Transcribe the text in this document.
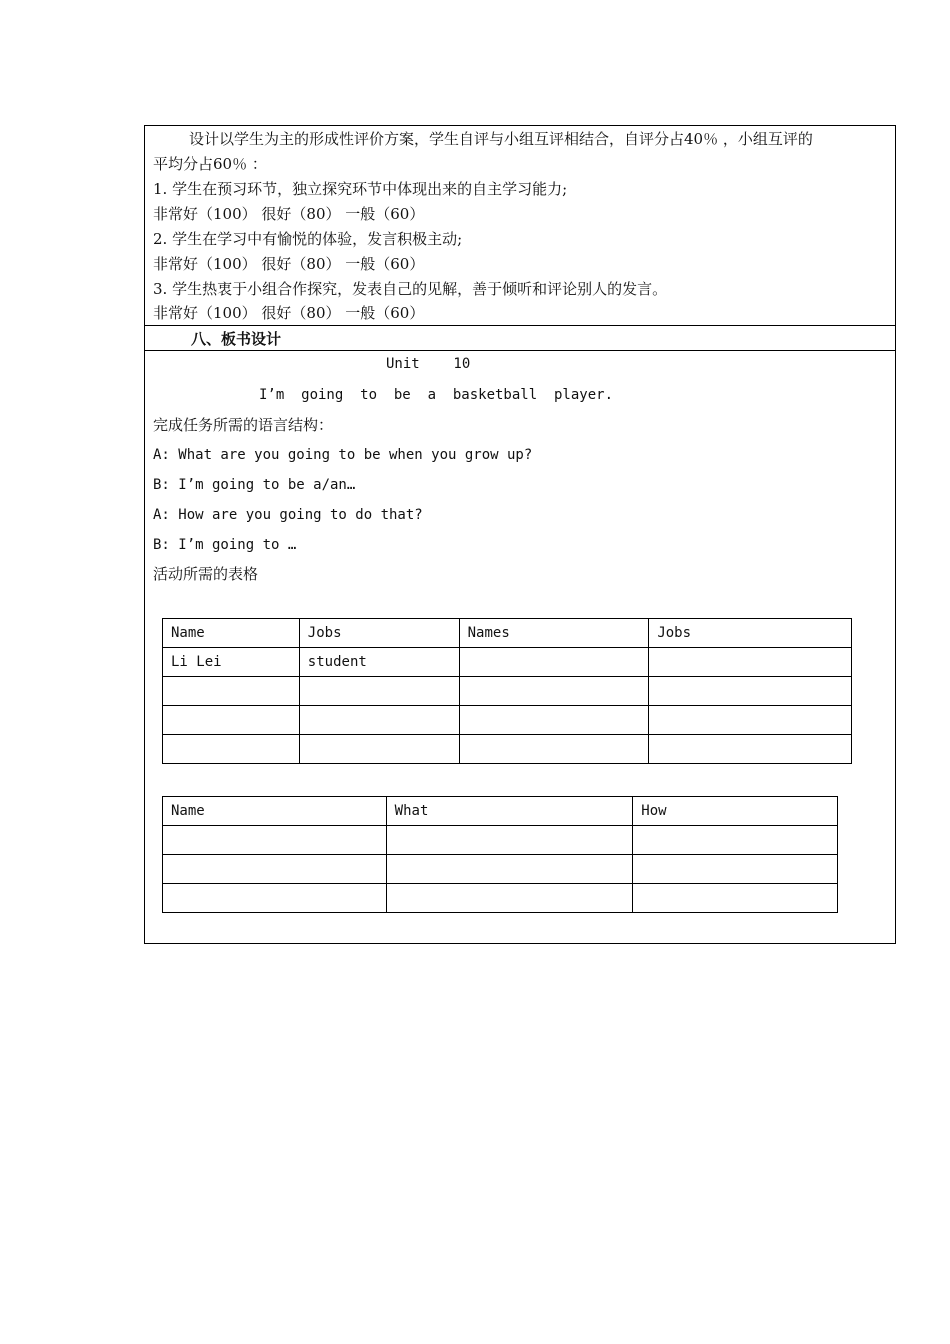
设计以学生为主的形成性评价方案，学生自评与小组互评相结合，自评分占40％ ，小组互评的
平均分占60％ ：
1. 学生在预习环节，独立探究环节中体现出来的自主学习能力;
非常好（100） 很好（80） 一般（60）
2. 学生在学习中有愉悦的体验，发言积极主动;
非常好（100） 很好（80） 一般（60）
3. 学生热衷于小组合作探究，发表自己的见解，善于倾听和评论别人的发言。
非常好（100） 很好（80） 一般（60）
八、板书设计
Unit    10
I’m  going  to  be  a  basketball  player.
完成任务所需的语言结构：
A: What are you going to be when you grow up?
B: I’m going to be a/an…
A: How are you going to do that?
B: I’m going to …
活动所需的表格
Name	Jobs	Names	Jobs
Li Lei	student		

Name	What	How
